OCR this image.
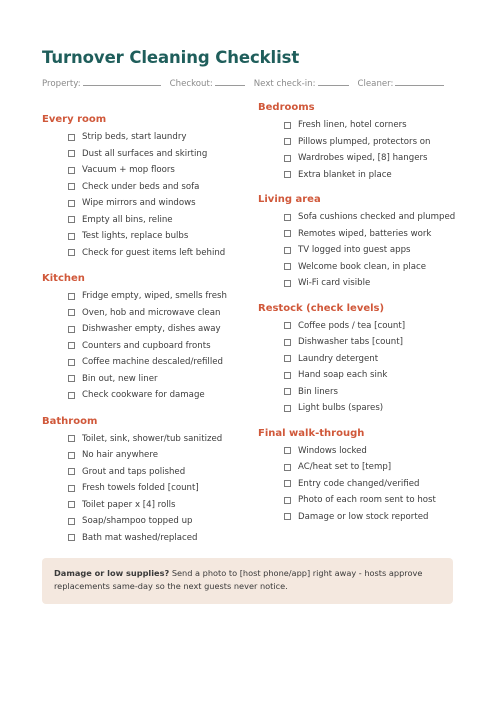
Turnover Cleaning Checklist
Property:	Checkout:	Next check-in:	Cleaner:
Every room
Strip beds, start laundry
Dust all surfaces and skirting
Vacuum + mop floors
Check under beds and sofa
Wipe mirrors and windows
Empty all bins, reline
Test lights, replace bulbs
Check for guest items left behind
Kitchen
Fridge empty, wiped, smells fresh
Oven, hob and microwave clean
Dishwasher empty, dishes away
Counters and cupboard fronts
Coffee machine descaled/refilled
Bin out, new liner
Check cookware for damage
Bathroom
Toilet, sink, shower/tub sanitized
No hair anywhere
Grout and taps polished
Fresh towels folded [count]
Toilet paper x [4] rolls
Soap/shampoo topped up
Bath mat washed/replaced
Bedrooms
Fresh linen, hotel corners
Pillows plumped, protectors on
Wardrobes wiped, [8] hangers
Extra blanket in place
Living area
Sofa cushions checked and plumped
Remotes wiped, batteries work
TV logged into guest apps
Welcome book clean, in place
Wi-Fi card visible
Restock (check levels)
Coffee pods / tea [count]
Dishwasher tabs [count]
Laundry detergent
Hand soap each sink
Bin liners
Light bulbs (spares)
Final walk-through
Windows locked
AC/heat set to [temp]
Entry code changed/verified
Photo of each room sent to host
Damage or low stock reported
Damage or low supplies? Send a photo to [host phone/app] right away - hosts approve replacements same-day so the next guests never notice.
